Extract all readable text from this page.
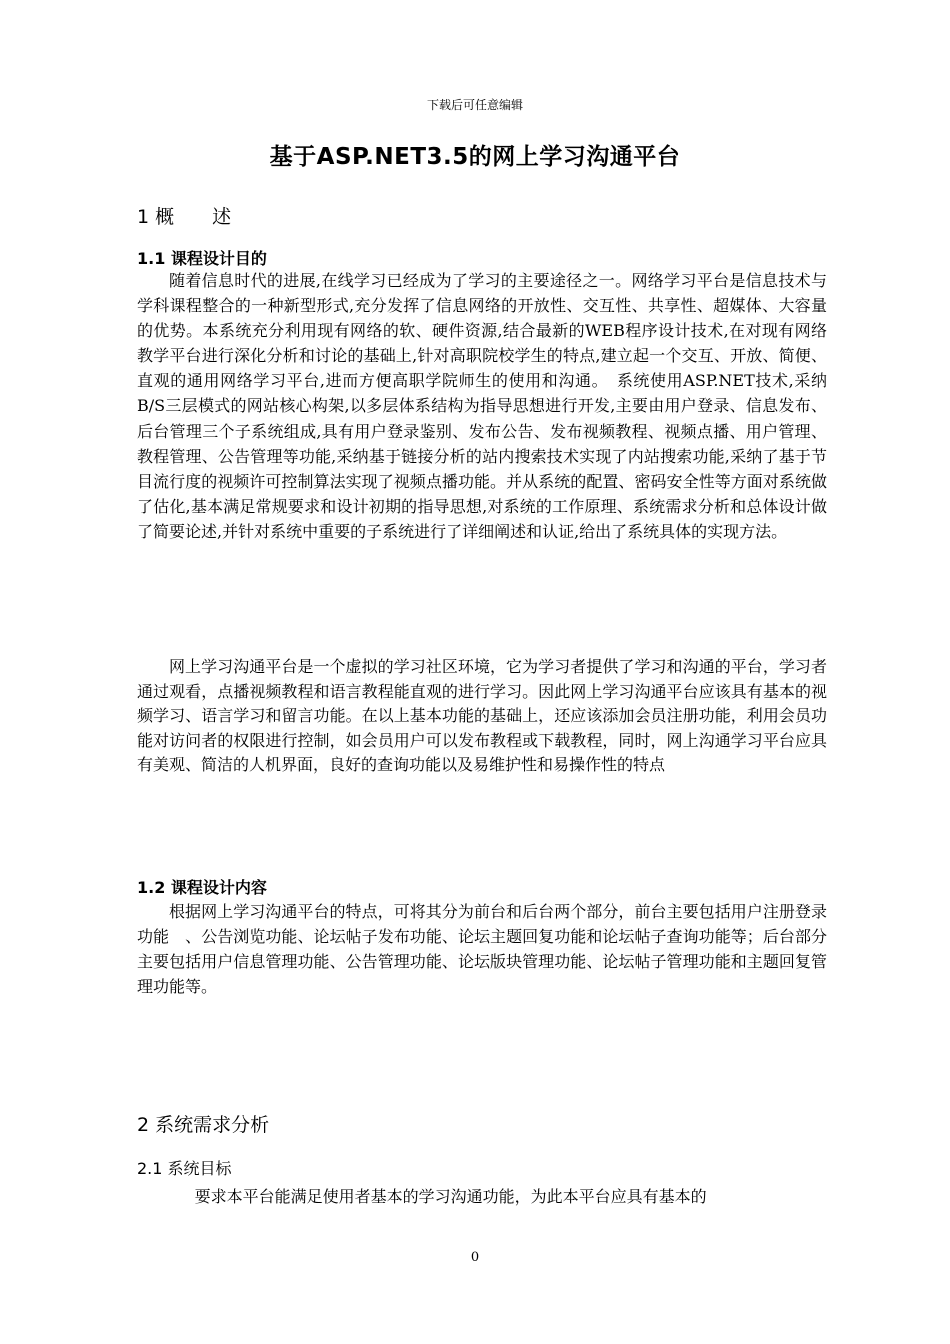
下载后可任意编辑
基于ASP.NET3.5的网上学习沟通平台
1 概　　述
1.1 课程设计目的
随着信息时代的进展,在线学习已经成为了学习的主要途径之一。网络学习平台是信息技术与学科课程整合的一种新型形式,充分发挥了信息网络的开放性、交互性、共享性、超媒体、大容量的优势。本系统充分利用现有网络的软、硬件资源,结合最新的WEB程序设计技术,在对现有网络教学平台进行深化分析和讨论的基础上,针对高职院校学生的特点,建立起一个交互、开放、简便、直观的通用网络学习平台,进而方便高职学院师生的使用和沟通。　系统使用ASP.NET技术,采纳B/S三层模式的网站核心构架,以多层体系结构为指导思想进行开发,主要由用户登录、信息发布、后台管理三个子系统组成,具有用户登录鉴别、发布公告、发布视频教程、视频点播、用户管理、教程管理、公告管理等功能,采纳基于链接分析的站内搜索技术实现了内站搜索功能,采纳了基于节目流行度的视频许可控制算法实现了视频点播功能。并从系统的配置、密码安全性等方面对系统做了估化,基本满足常规要求和设计初期的指导思想,对系统的工作原理、系统需求分析和总体设计做了简要论述,并针对系统中重要的子系统进行了详细阐述和认证,给出了系统具体的实现方法。
网上学习沟通平台是一个虚拟的学习社区环境，它为学习者提供了学习和沟通的平台，学习者通过观看，点播视频教程和语言教程能直观的进行学习。因此网上学习沟通平台应该具有基本的视频学习、语言学习和留言功能。在以上基本功能的基础上，还应该添加会员注册功能，利用会员功能对访问者的权限进行控制，如会员用户可以发布教程或下载教程，同时，网上沟通学习平台应具有美观、简洁的人机界面，良好的查询功能以及易维护性和易操作性的特点
1.2 课程设计内容
根据网上学习沟通平台的特点，可将其分为前台和后台两个部分，前台主要包括用户注册登录功能　、公告浏览功能、论坛帖子发布功能、论坛主题回复功能和论坛帖子查询功能等；后台部分主要包括用户信息管理功能、公告管理功能、论坛版块管理功能、论坛帖子管理功能和主题回复管理功能等。
2 系统需求分析
2.1 系统目标
要求本平台能满足使用者基本的学习沟通功能，为此本平台应具有基本的
0
